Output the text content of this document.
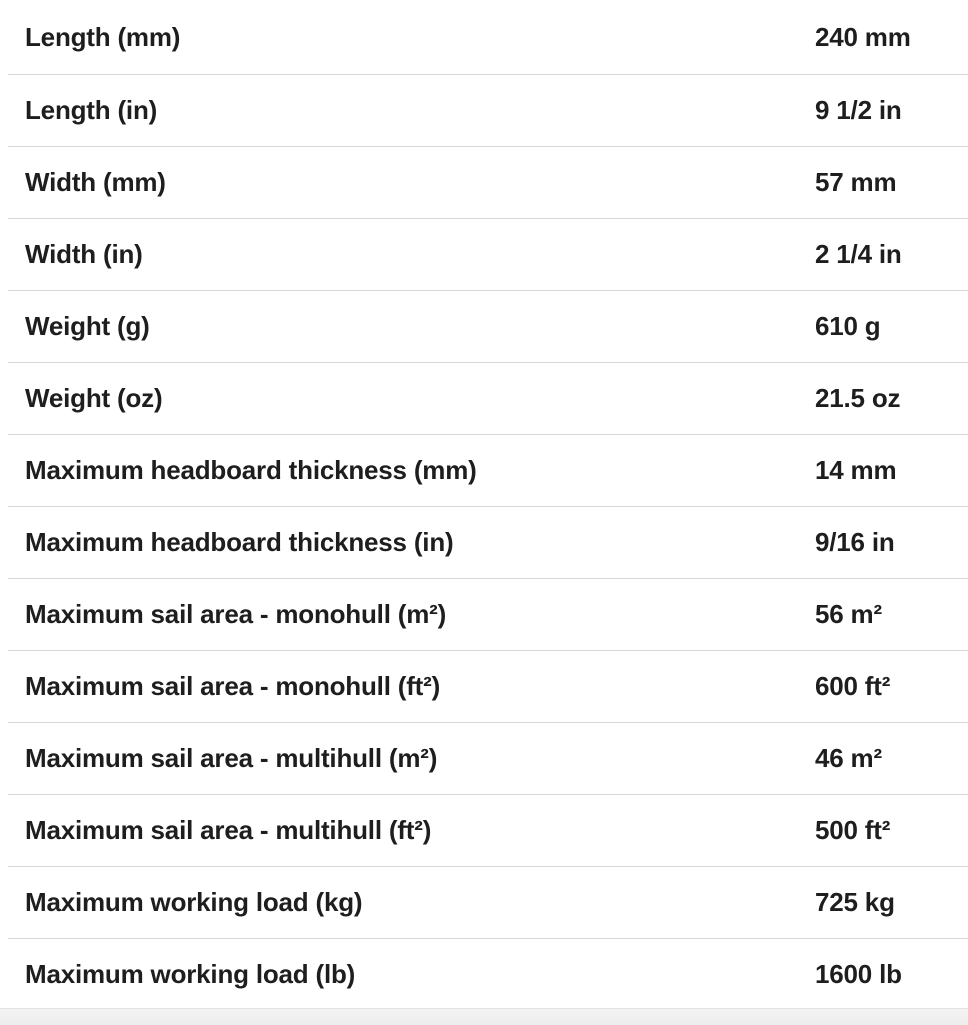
Length (mm)	240 mm
Length (in)	9 1/2 in
Width (mm)	57 mm
Width (in)	2 1/4 in
Weight (g)	610 g
Weight (oz)	21.5 oz
Maximum headboard thickness (mm)	14 mm
Maximum headboard thickness (in)	9/16 in
Maximum sail area - monohull (m²)	56 m²
Maximum sail area - monohull (ft²)	600 ft²
Maximum sail area - multihull (m²)	46 m²
Maximum sail area - multihull (ft²)	500 ft²
Maximum working load (kg)	725 kg
Maximum working load (lb)	1600 lb
